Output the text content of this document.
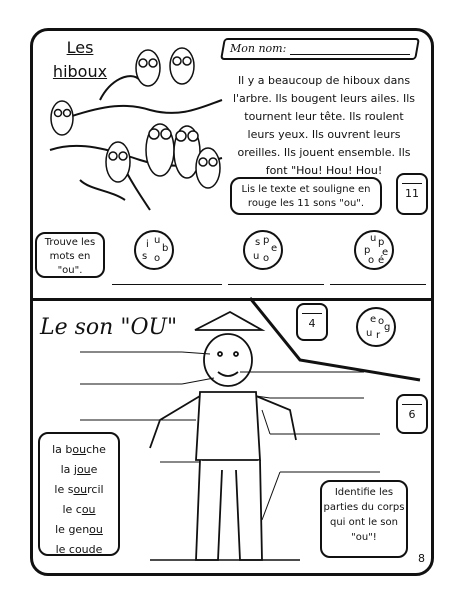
Les hiboux
Mon nom:
Il y a beaucoup de hiboux dans
l'arbre. Ils bougent leurs ailes. Ils
tournent leur tête. Ils roulent
leurs yeux. Ils ouvrent leurs
oreilles. Ils jouent ensemble. Ils
font "Hou! Hou! Hou!
Lis le texte et souligne en rouge les 11 sons "ou".
11
Trouve les mots en "ou".
i u
b
s o
s p
e
u o
u p
p e
o é
e o
g
u r
Le son "OU"	4
6
la bouche
la joue
le sourcil
le cou
le genou
le coude
Identifie les parties du corps qui ont le son "ou"!
8
